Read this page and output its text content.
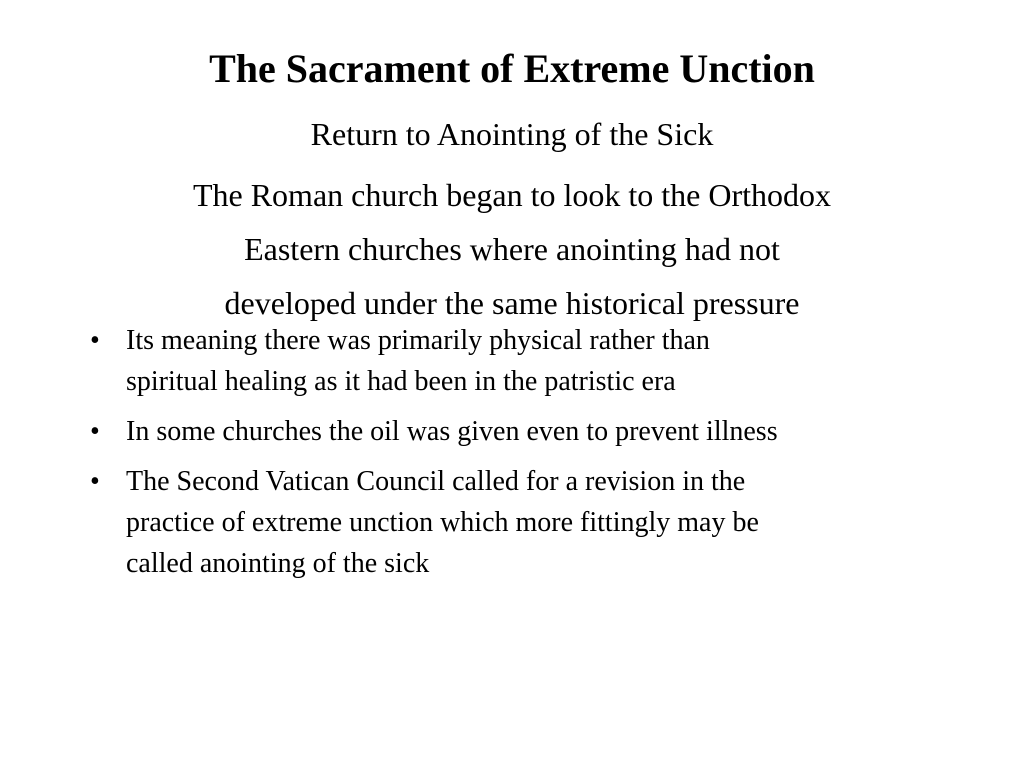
The Sacrament of Extreme Unction

Return to Anointing of the Sick

The Roman church began to look to the Orthodox
Eastern churches where anointing had not
developed under the same historical pressure

• Its meaning there was primarily physical rather than
spiritual healing as it had been in the patristic era
• In some churches the oil was given even to prevent illness
• The Second Vatican Council called for a revision in the
practice of extreme unction which more fittingly may be
called anointing of the sick
